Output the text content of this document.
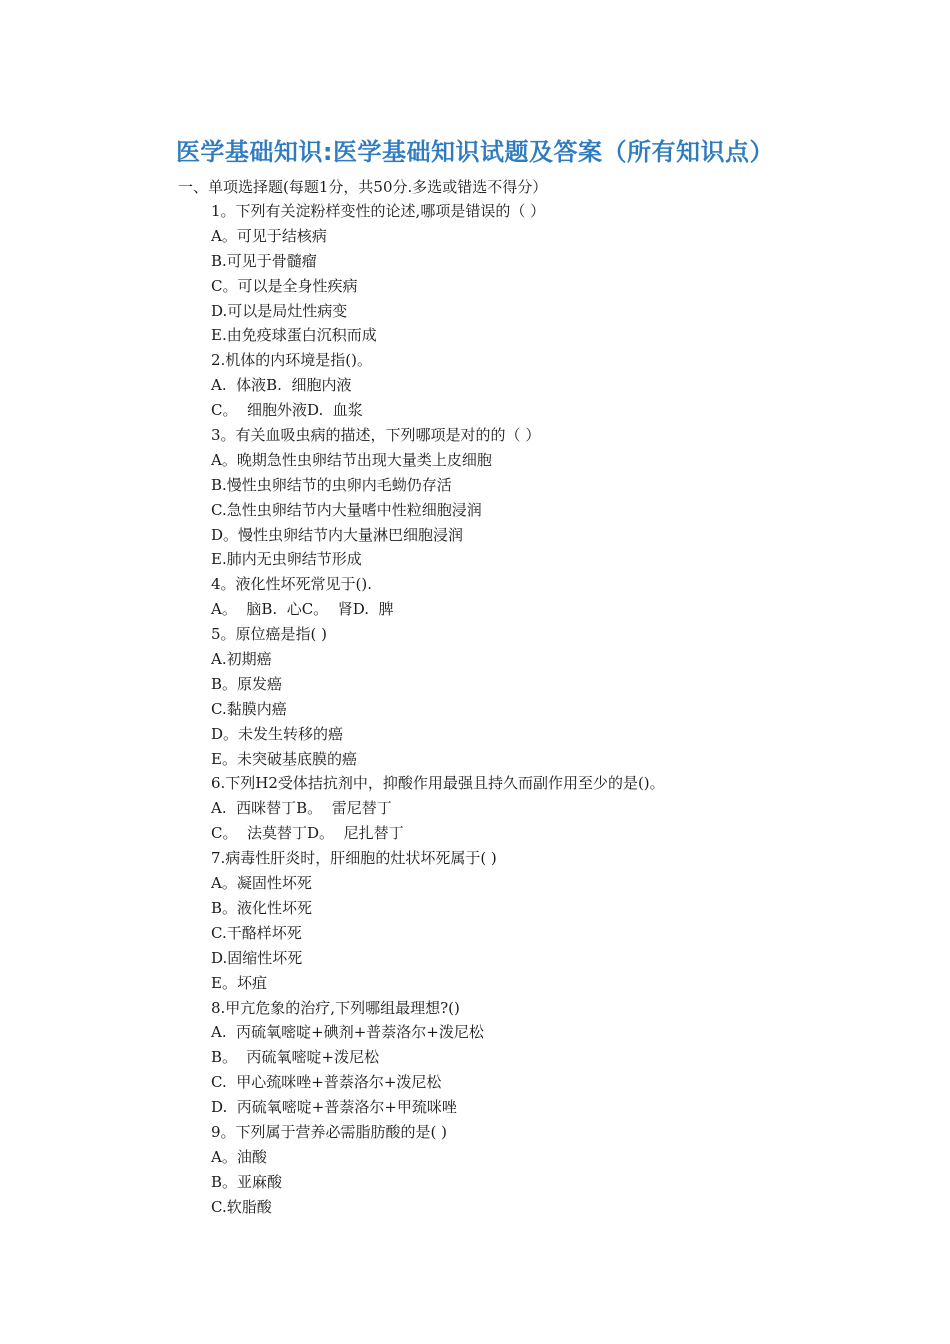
医学基础知识:医学基础知识试题及答案（所有知识点）
一、单项选择题(每题1分，共50分.多选或错选不得分）
1。下列有关淀粉样变性的论述,哪项是错误的（ ）
A。可见于结核病
B.可见于骨髓瘤
C。可以是全身性疾病
D.可以是局灶性病变
E.由免疫球蛋白沉积而成
2.机体的内环境是指()。
A.  体液B.  细胞内液
C。  细胞外液D.  血浆
3。有关血吸虫病的描述，下列哪项是对的的（ ）
A。晚期急性虫卵结节出现大量类上皮细胞
B.慢性虫卵结节的虫卵内毛蚴仍存活
C.急性虫卵结节内大量嗜中性粒细胞浸润
D。慢性虫卵结节内大量淋巴细胞浸润
E.肺内无虫卵结节形成
4。液化性坏死常见于().
A。  脑B.  心C。  肾D.  脾
5。原位癌是指( )
A.初期癌
B。原发癌
C.黏膜内癌
D。未发生转移的癌
E。未突破基底膜的癌
6.下列H2受体拮抗剂中，抑酸作用最强且持久而副作用至少的是()。
A.  西咪替丁B。  雷尼替丁
C。  法莫替丁D。  尼扎替丁
7.病毒性肝炎时，肝细胞的灶状坏死属于( )
A。凝固性坏死
B。液化性坏死
C.干酪样坏死
D.固缩性坏死
E。坏疽
8.甲亢危象的治疗,下列哪组最理想?()
A.  丙硫氧嘧啶+碘剂+普萘洛尔+泼尼松
B。  丙硫氧嘧啶+泼尼松
C.  甲心巯咪唑+普萘洛尔+泼尼松
D.  丙硫氧嘧啶+普萘洛尔+甲巯咪唑
9。下列属于营养必需脂肪酸的是( )
A。油酸
B。亚麻酸
C.软脂酸
